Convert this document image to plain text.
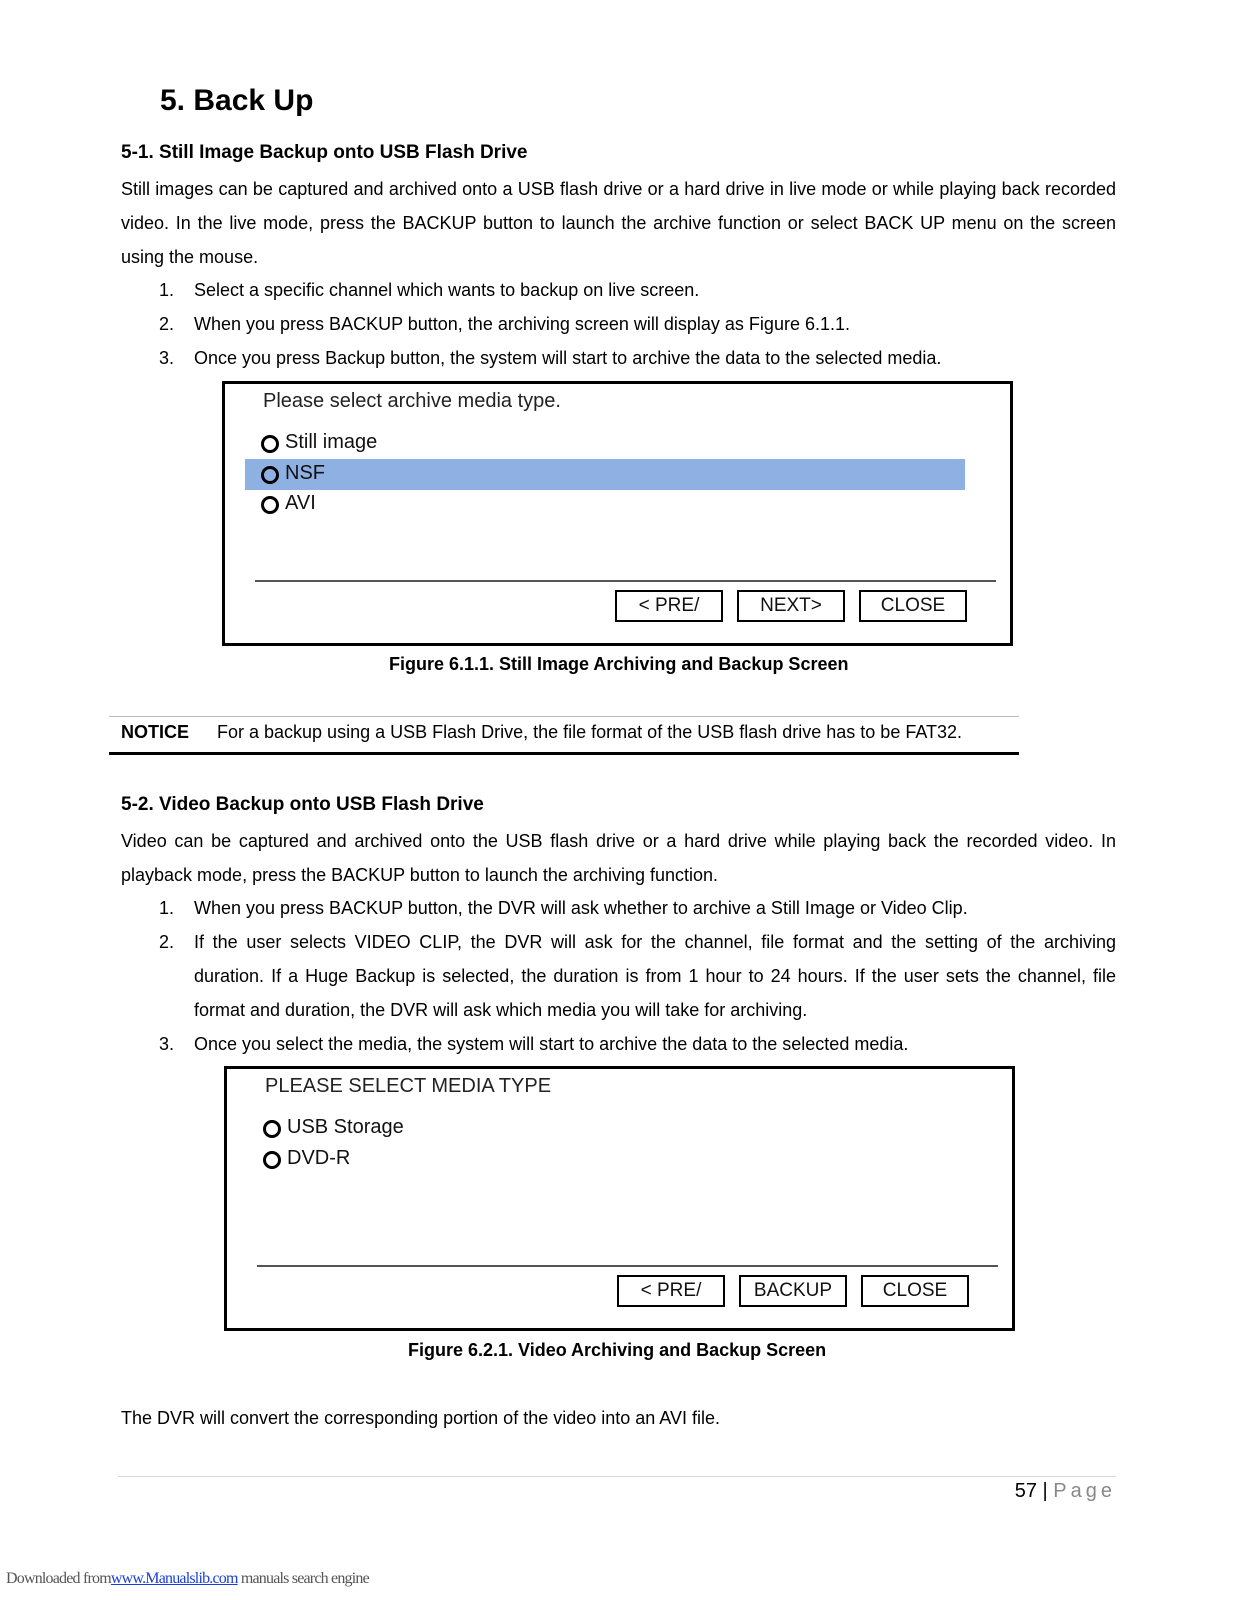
5. Back Up
5-1. Still Image Backup onto USB Flash Drive
Still images can be captured and archived onto a USB flash drive or a hard drive in live mode or while playing back recorded video. In the live mode, press the BACKUP button to launch the archive function or select BACK UP menu on the screen using the mouse.
1. Select a specific channel which wants to backup on live screen.
2. When you press BACKUP button, the archiving screen will display as Figure 6.1.1.
3. Once you press Backup button, the system will start to archive the data to the selected media.
Please select archive media type.
Still image
NSF
AVI
< PRE/	NEXT>	CLOSE
Figure 6.1.1. Still Image Archiving and Backup Screen
NOTICE For a backup using a USB Flash Drive, the file format of the USB flash drive has to be FAT32.
5-2. Video Backup onto USB Flash Drive
Video can be captured and archived onto the USB flash drive or a hard drive while playing back the recorded video. In playback mode, press the BACKUP button to launch the archiving function.
1. When you press BACKUP button, the DVR will ask whether to archive a Still Image or Video Clip.
2. If the user selects VIDEO CLIP, the DVR will ask for the channel, file format and the setting of the archiving duration. If a Huge Backup is selected, the duration is from 1 hour to 24 hours. If the user sets the channel, file format and duration, the DVR will ask which media you will take for archiving.
3. Once you select the media, the system will start to archive the data to the selected media.
PLEASE SELECT MEDIA TYPE
USB Storage
DVD-R
< PRE/	BACKUP	CLOSE
Figure 6.2.1. Video Archiving and Backup Screen
The DVR will convert the corresponding portion of the video into an AVI file.
57 | Page
Downloaded fromwww.Manualslib.com manuals search engine
